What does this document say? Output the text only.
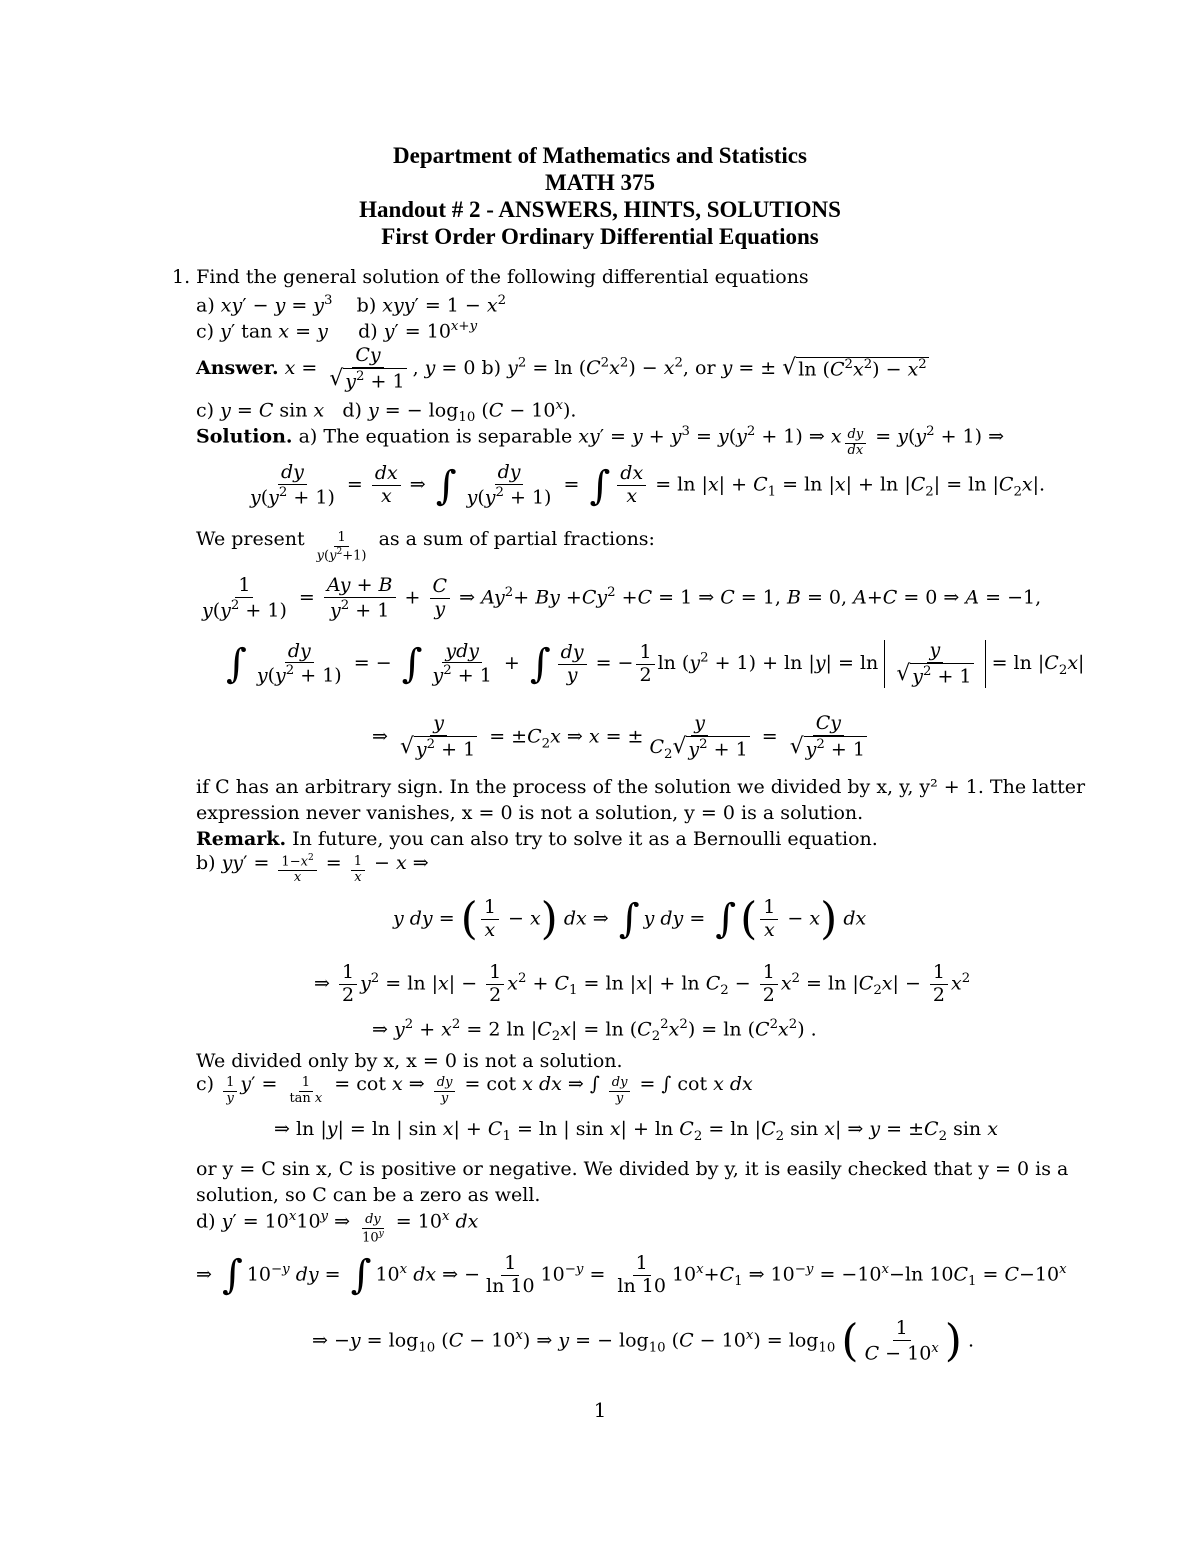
Department of Mathematics and Statistics
MATH 375
Handout # 2 - ANSWERS, HINTS, SOLUTIONS
First Order Ordinary Differential Equations
1. Find the general solution of the following differential equations
a) $xy' - y = y^3$    b) $xyy' = 1 - x^2$
c) y′ tan x = y     d) $y' = 10^{x+y}$
Answer. $x = \frac{Cy}{√ y^2 + 1}$ , y = 0 b) $y^2 = \ln (C^2x^2) - x^2$, or y = ± √ $\ln (C^2x^2) - x^2$
c) y = C sin x   d) y = − $\log_{10} (C - 10^x)$.
Solution. a) The equation is separable $xy' = y + y^3 = y(y^2 + 1)$ ⇒ x $\frac{dy}{dx} = y(y^2 + 1)$ ⇒
$\frac{dy}{y(y^2 + 1)} = \frac{dx}{x}$ ⇒ ∫ $\frac{dy}{y(y^2 + 1)}$ = ∫ $\frac{dx}{x} = \ln |x| + C_1 = \ln |x| + \ln |C_2| = \ln |C_2x|$.
We present $\frac{1}{y(y^2+1)}$ as a sum of partial fractions:
$\frac{1}{y(y^2 + 1)} = \frac{Ay + B}{y^2 + 1} + \frac{C}{y}$ ⇒ $Ay^2+ By +Cy^2 +C = 1$ ⇒ C = 1, B = 0, A+C = 0 ⇒ A = −1,
∫ $\frac{dy}{y(y^2 + 1)}$ = − ∫ $\frac{\text{ydy}}{y^2 + 1}$ + ∫ $\frac{dy}{y}$ = − $\frac{1}{2}$ $\ln (y^2 + 1) + \ln |y| = \ln \frac{y}{√ y^2 + 1} = \ln |C_2x|$
⇒ $\frac{y}{√ y^2 + 1} = \pm C_2x$ ⇒ x = ± $\frac{y}{C_2 √ y^2 + 1} = \frac{Cy}{√ y^2 + 1}$
if C has an arbitrary sign. In the process of the solution we divided by x, y, y² + 1. The latter
expression never vanishes, x = 0 is not a solution, y = 0 is a solution.
Remark. In future, you can also try to solve it as a Bernoulli equation.
b) $yy' = \frac{1-x^2}{x} = \frac{1}{x} - x$ ⇒
y dy = ( $\frac{1}{x} - x$) dx ⇒ ∫ y dy = ∫( $\frac{1}{x} - x$) dx
⇒ $\frac{1}{2} y^2 = \ln |x| - \frac{1}{2} x^2 + C_1 = \ln |x| + \ln C_2 - \frac{1}{2} x^2 = \ln |C_2x| - \frac{1}{2} x^2$
⇒ $y^2 + x^2 = 2$ $\ln |C_2x| = \ln (C_2^2x^2) = \ln (C^2x^2)$ .
We divided only by x, x = 0 is not a solution.
$c) \frac{1}{y} y' = \frac{1}{\text{tan x}} = \cot x$ ⇒ $\frac{dy}{y} = \cot x$ dx ⇒ ∫ $\frac{dy}{y}$ = ∫ cot x dx
⇒ ln |y| = ln | $\sin x| + C_1 = \ln$ | $\sin x| + \ln C_2 = \ln |C_2$ sin x| ⇒ $y = \pm C_2$ sin x
or y = C sin x, C is positive or negative. We divided by y, it is easily checked that y = 0 is a
solution, so C can be a zero as well.
d) $y' = 10^x10^y$ ⇒ $\frac{dy}{10^y} = 10^x$ dx
⇒ ∫ $10^{-y}$ dy = ∫ 10$^x$ dx ⇒ − $\frac{1}{\ln 10} 10^{-y} = \frac{1}{\ln 10} 10^x+C_1$ ⇒ $10^{-y} = -10^x-\ln$ $10C_1 = C-10^x$
⇒ $-y = \log_{10} (C - 10^x)$ ⇒ y = − $\log_{10} (C - 10^x) = \log_{10}$ ( $\frac{1}{C - 10^x}$ ) .
1
